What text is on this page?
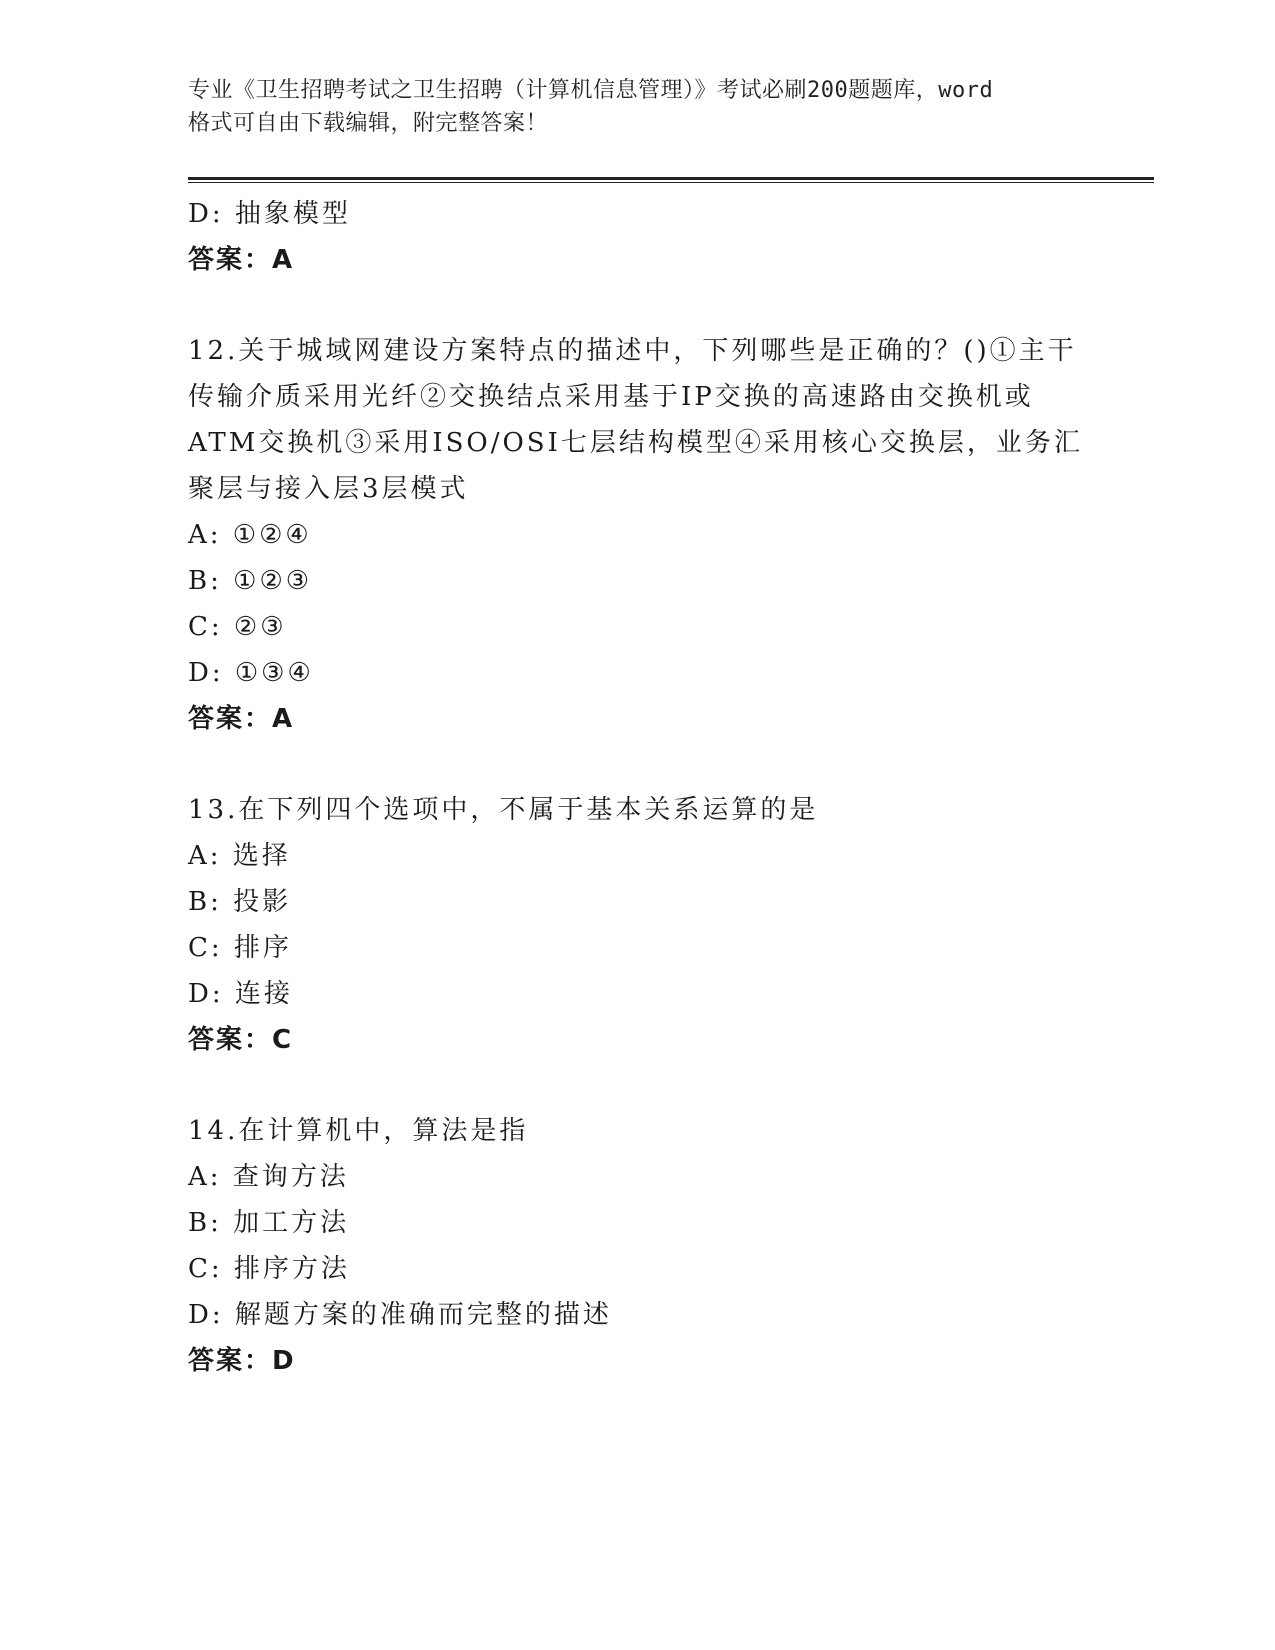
专业《卫生招聘考试之卫生招聘（计算机信息管理）》考试必刷200题题库，word
格式可自由下载编辑，附完整答案！
D: 抽象模型
答案：A
12.关于城域网建设方案特点的描述中，下列哪些是正确的？()①主干
传输介质采用光纤②交换结点采用基于IP交换的高速路由交换机或
ATM交换机③采用ISO/OSI七层结构模型④采用核心交换层，业务汇
聚层与接入层3层模式
A: ①②④
B: ①②③
C: ②③
D: ①③④
答案：A
13.在下列四个选项中，不属于基本关系运算的是
A: 选择
B: 投影
C: 排序
D: 连接
答案：C
14.在计算机中，算法是指
A: 查询方法
B: 加工方法
C: 排序方法
D: 解题方案的准确而完整的描述
答案：D
